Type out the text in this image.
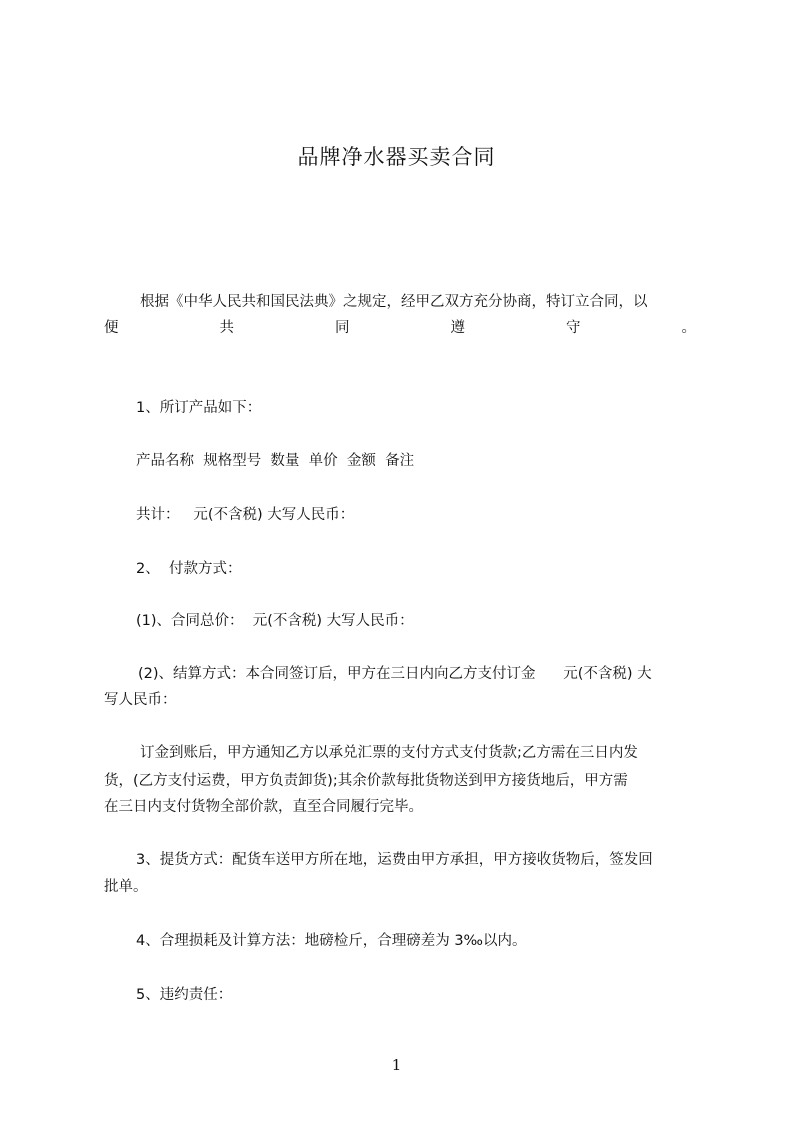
品牌净水器买卖合同
根据《中华人民共和国民法典》之规定，经甲乙双方充分协商，特订立合同，以
便	共	同	遵	守	。
1、所订产品如下：
产品名称  规格型号  数量  单价  金额  备注
共计：   元(不含税) 大写人民币：
2、  付款方式：
(1)、合同总价：  元(不含税) 大写人民币：
(2)、结算方式：本合同签订后，甲方在三日内向乙方支付订金      元(不含税) 大
写人民币：
订金到账后，甲方通知乙方以承兑汇票的支付方式支付货款;乙方需在三日内发
货，(乙方支付运费，甲方负责卸货);其余价款每批货物送到甲方接货地后，甲方需
在三日内支付货物全部价款，直至合同履行完毕。
3、提货方式：配货车送甲方所在地，运费由甲方承担，甲方接收货物后，签发回
批单。
4、合理损耗及计算方法：地磅检斤，合理磅差为 3‰以内。
5、违约责任：
1
